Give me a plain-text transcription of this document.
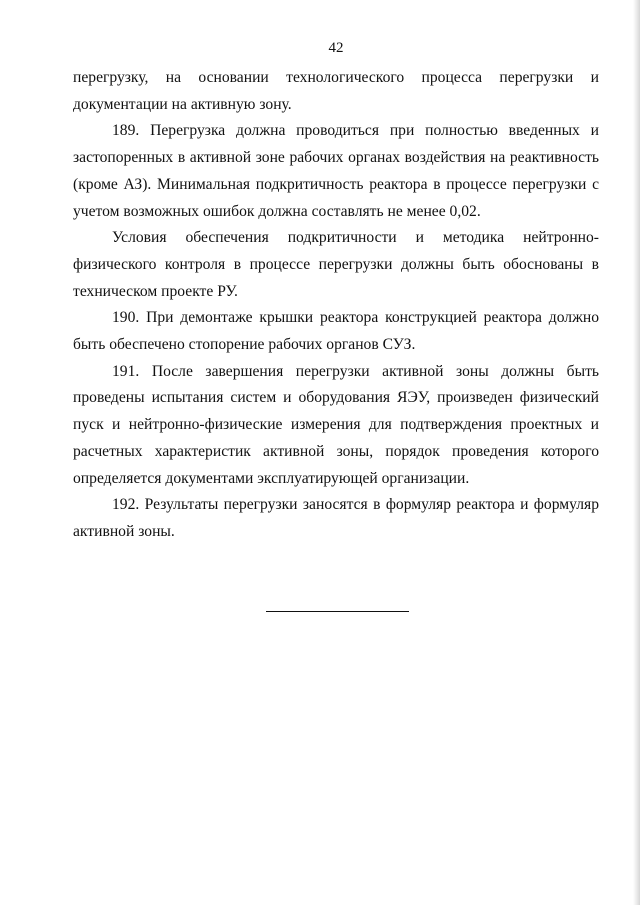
42

перегрузку, на основании технологического процесса перегрузки и документации на активную зону.

189. Перегрузка должна проводиться при полностью введенных и застопоренных в активной зоне рабочих органах воздействия на реактивность (кроме АЗ). Минимальная подкритичность реактора в процессе перегрузки с учетом возможных ошибок должна составлять не менее 0,02.

Условия обеспечения подкритичности и методика нейтронно-физического контроля в процессе перегрузки должны быть обоснованы в техническом проекте РУ.

190. При демонтаже крышки реактора конструкцией реактора должно быть обеспечено стопорение рабочих органов СУЗ.

191. После завершения перегрузки активной зоны должны быть проведены испытания систем и оборудования ЯЭУ, произведен физический пуск и нейтронно-физические измерения для подтверждения проектных и расчетных характеристик активной зоны, порядок проведения которого определяется документами эксплуатирующей организации.

192. Результаты перегрузки заносятся в формуляр реактора и формуляр активной зоны.
